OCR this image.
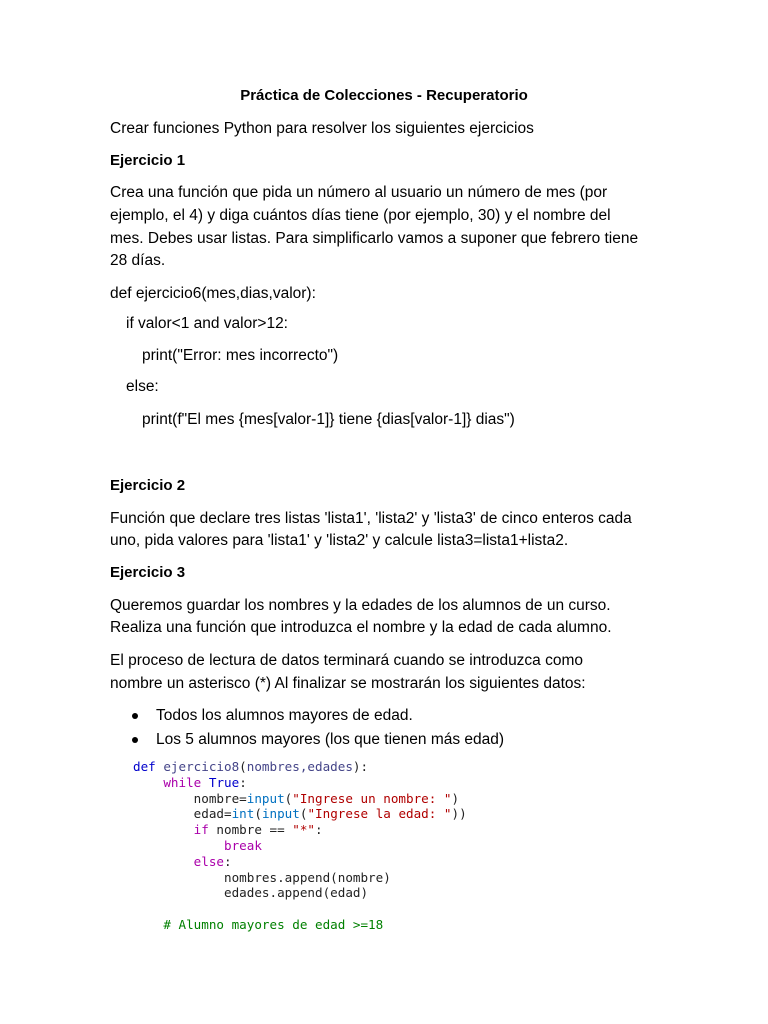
Práctica de Colecciones - Recuperatorio

Crear funciones Python para resolver los siguientes ejercicios

Ejercicio 1

Crea una función que pida un número al usuario un número de mes (por

ejemplo, el 4) y diga cuántos días tiene (por ejemplo, 30) y el nombre del

mes. Debes usar listas. Para simplificarlo vamos a suponer que febrero tiene

28 días.

def ejercicio6(mes,dias,valor):

if valor<1 and valor>12:

print("Error: mes incorrecto")

else:

print(f"El mes {mes[valor-1]} tiene {dias[valor-1]} dias")

Ejercicio 2

Función que declare tres listas 'lista1', 'lista2' y 'lista3' de cinco enteros cada

uno, pida valores para 'lista1' y 'lista2' y calcule lista3=lista1+lista2.

Ejercicio 3

Queremos guardar los nombres y la edades de los alumnos de un curso.

Realiza una función que introduzca el nombre y la edad de cada alumno.

El proceso de lectura de datos terminará cuando se introduzca como

nombre un asterisco (*) Al finalizar se mostrarán los siguientes datos:

Todos los alumnos mayores de edad.
Los 5 alumnos mayores (los que tienen más edad)
def ejercicio8(nombres,edades):
while True:
nombre=input("Ingrese un nombre: ")
edad=int(input("Ingrese la edad: "))
if nombre == "*":
break
else:
nombres.append(nombre)
edades.append(edad)
# Alumno mayores de edad >=18
